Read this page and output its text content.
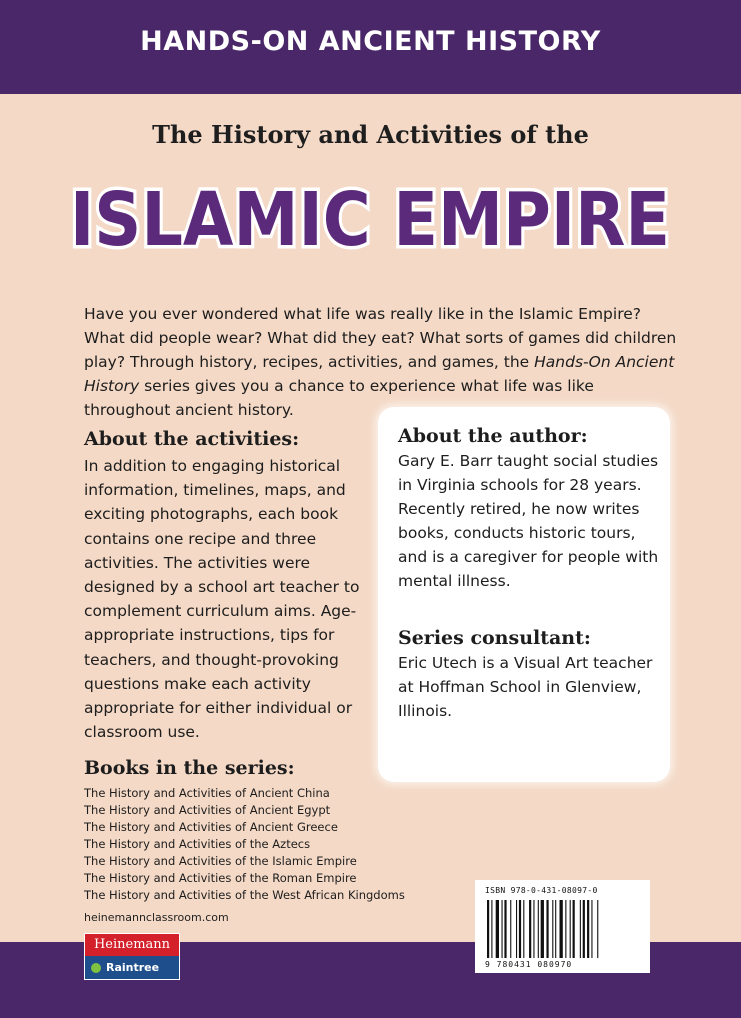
HANDS-ON ANCIENT HISTORY
The History and Activities of the
ISLAMIC EMPIRE

Have you ever wondered what life was really like in the Islamic Empire? What did people wear? What did they eat? What sorts of games did children play? Through history, recipes, activities, and games, the Hands-On Ancient History series gives you a chance to experience what life was like throughout ancient history.

About the activities:
In addition to engaging historical information, timelines, maps, and exciting photographs, each book contains one recipe and three activities. The activities were designed by a school art teacher to complement curriculum aims. Age-appropriate instructions, tips for teachers, and thought-provoking questions make each activity appropriate for either individual or classroom use.
Books in the series:
The History and Activities of Ancient China
The History and Activities of Ancient Egypt
The History and Activities of Ancient Greece
The History and Activities of the Aztecs
The History and Activities of the Islamic Empire
The History and Activities of the Roman Empire
The History and Activities of the West African Kingdoms
About the author:
Gary E. Barr taught social studies in Virginia schools for 28 years. Recently retired, he now writes books, conducts historic tours, and is a caregiver for people with mental illness.
Series consultant:
Eric Utech is a Visual Art teacher at Hoffman School in Glenview, Illinois.
heinemannclassroom.com
Heinemann
Raintree
ISBN 978-0-431-08097-0
9 780431 080970
